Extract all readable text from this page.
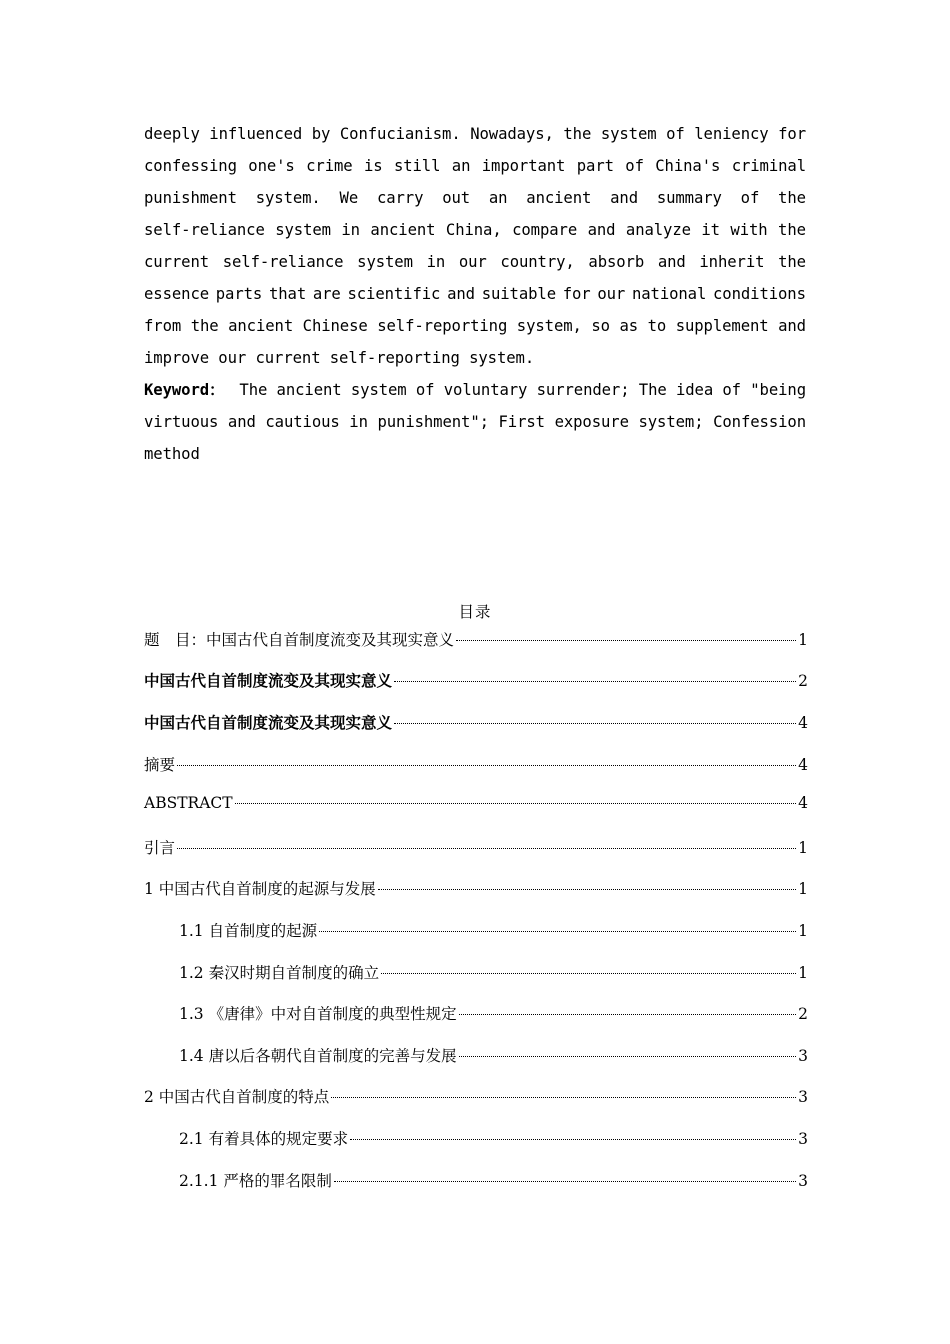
deeply influenced by Confucianism. Nowadays, the system of leniency for
confessing one's crime is still an important part of China's criminal
punishment system. We carry out an ancient and summary of the
self-reliance system in ancient China, compare and analyze it with the
current self-reliance system in our country, absorb and inherit the
essence parts that are scientific and suitable for our national conditions
from the ancient Chinese self-reporting system, so as to supplement and
improve our current self-reporting system.
Keyword： The ancient system of voluntary surrender; The idea of "being
virtuous and cautious in punishment"; First exposure system; Confession
method
目录
题　目：中国古代自首制度流变及其现实意义	1
中国古代自首制度流变及其现实意义	2
中国古代自首制度流变及其现实意义	4
摘要	4
ABSTRACT	4
引言	1
1 中国古代自首制度的起源与发展	1
1.1 自首制度的起源	1
1.2 秦汉时期自首制度的确立	1
1.3 《唐律》中对自首制度的典型性规定	2
1.4 唐以后各朝代自首制度的完善与发展	3
2 中国古代自首制度的特点	3
2.1 有着具体的规定要求	3
2.1.1 严格的罪名限制	3
